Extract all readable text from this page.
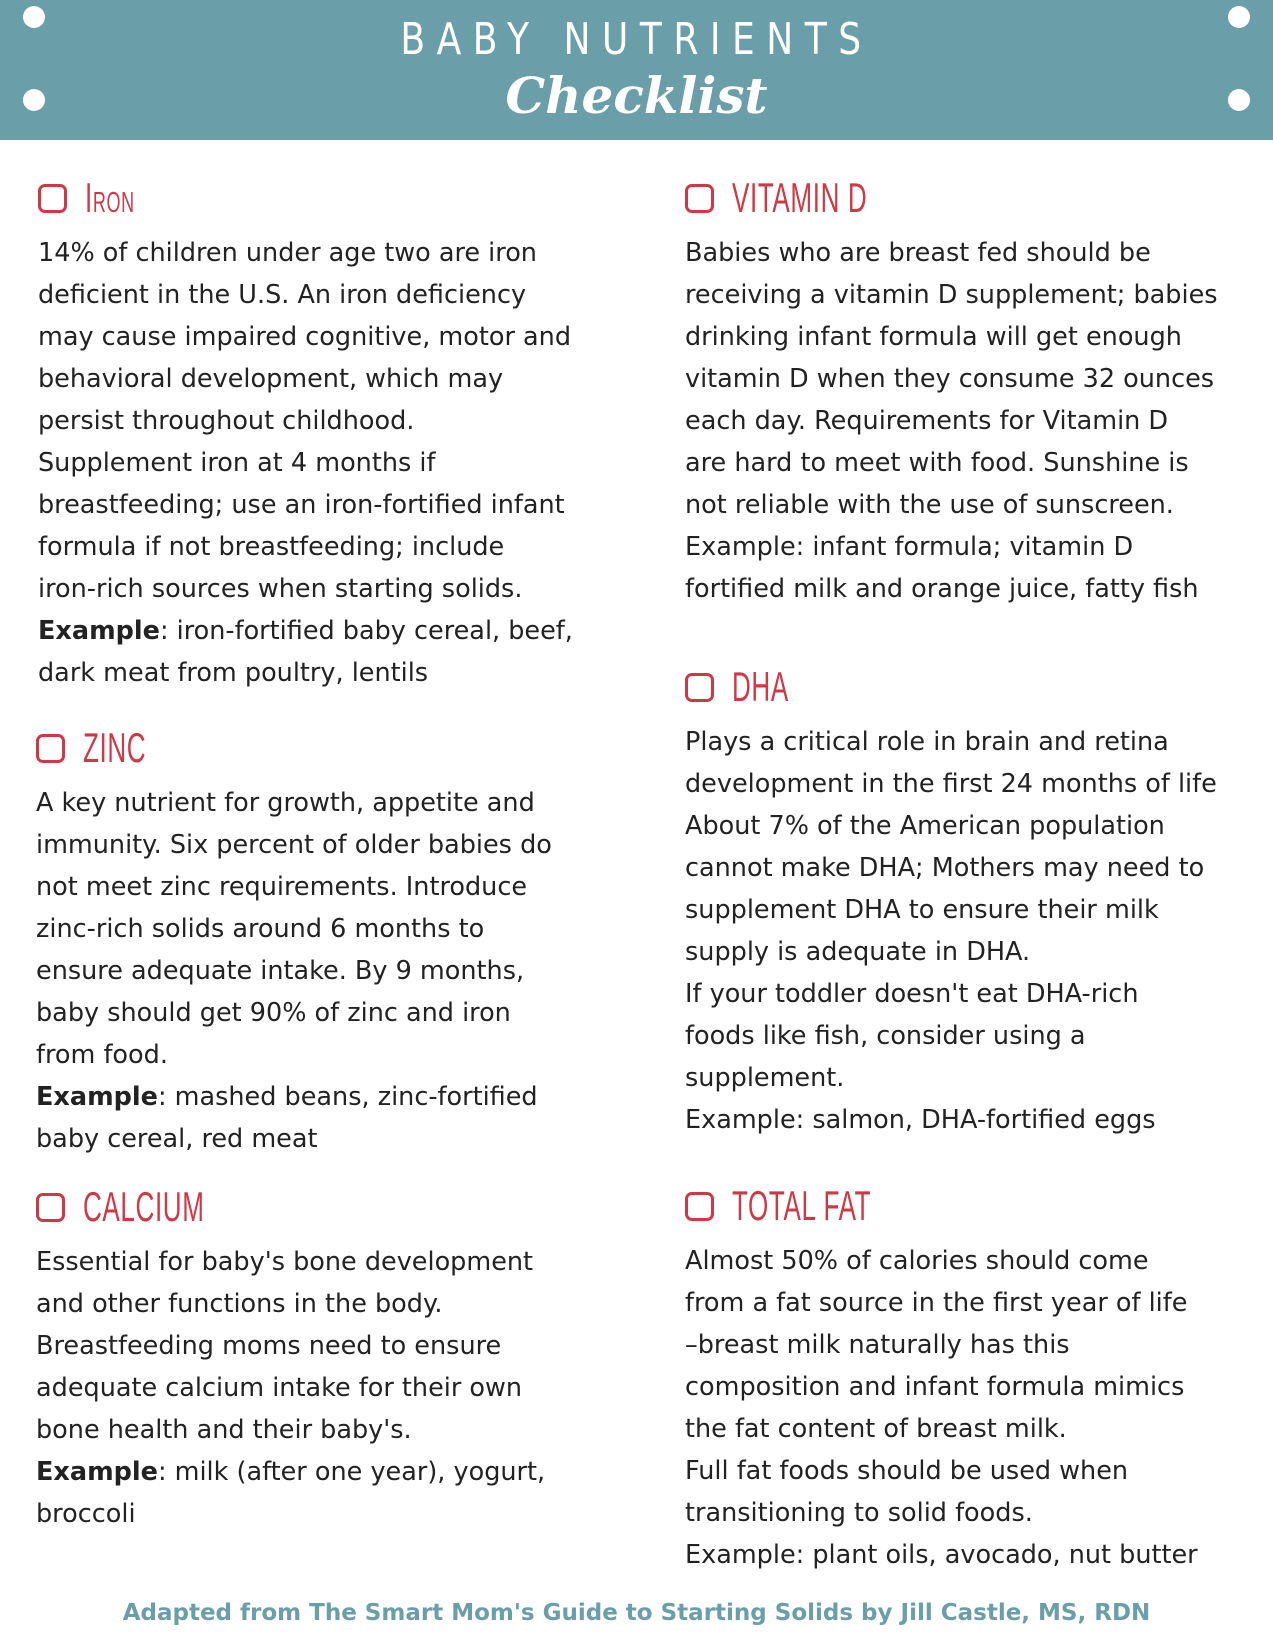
BABY NUTRIENTS
Checklist
Iron
14% of children under age two are iron
deficient in the U.S. An iron deficiency
may cause impaired cognitive, motor and
behavioral development, which may
persist throughout childhood.
Supplement iron at 4 months if
breastfeeding; use an iron-fortified infant
formula if not breastfeeding; include
iron-rich sources when starting solids.
Example: iron-fortified baby cereal, beef,
dark meat from poultry, lentils
ZINC
A key nutrient for growth, appetite and
immunity. Six percent of older babies do
not meet zinc requirements. Introduce
zinc-rich solids around 6 months to
ensure adequate intake. By 9 months,
baby should get 90% of zinc and iron
from food.
Example: mashed beans, zinc-fortified
baby cereal, red meat
CALCIUM
Essential for baby's bone development
and other functions in the body.
Breastfeeding moms need to ensure
adequate calcium intake for their own
bone health and their baby's.
Example: milk (after one year), yogurt,
broccoli
VITAMIN D
Babies who are breast fed should be
receiving a vitamin D supplement; babies
drinking infant formula will get enough
vitamin D when they consume 32 ounces
each day. Requirements for Vitamin D
are hard to meet with food. Sunshine is
not reliable with the use of sunscreen.
Example: infant formula; vitamin D
fortified milk and orange juice, fatty fish
DHA
Plays a critical role in brain and retina
development in the first 24 months of life
About 7% of the American population
cannot make DHA; Mothers may need to
supplement DHA to ensure their milk
supply is adequate in DHA.
If your toddler doesn't eat DHA-rich
foods like fish, consider using a
supplement.
Example: salmon, DHA-fortified eggs
TOTAL FAT
Almost 50% of calories should come
from a fat source in the first year of life
–breast milk naturally has this
composition and infant formula mimics
the fat content of breast milk.
Full fat foods should be used when
transitioning to solid foods.
Example: plant oils, avocado, nut butter
Adapted from The Smart Mom's Guide to Starting Solids by Jill Castle, MS, RDN
